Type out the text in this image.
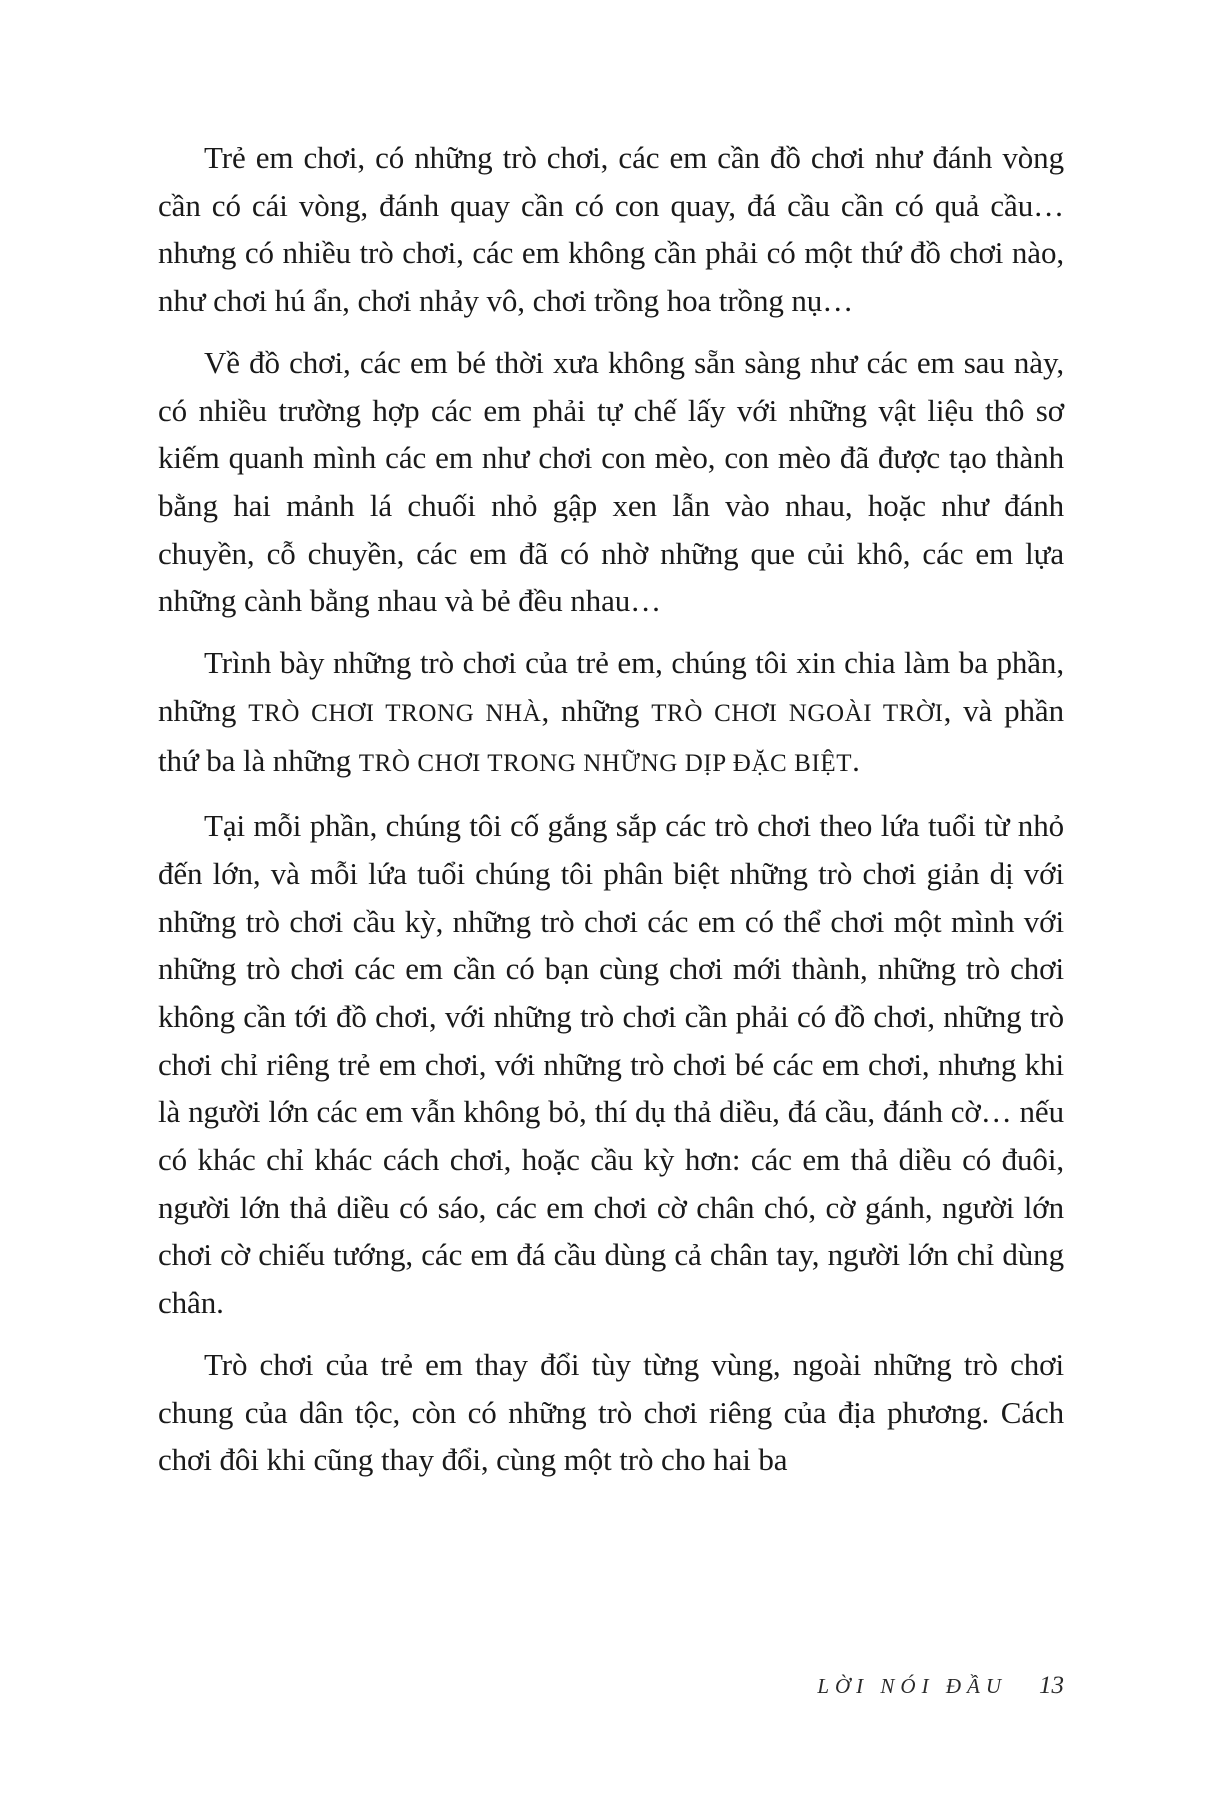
Trẻ em chơi, có những trò chơi, các em cần đồ chơi như đánh vòng cần có cái vòng, đánh quay cần có con quay, đá cầu cần có quả cầu… nhưng có nhiều trò chơi, các em không cần phải có một thứ đồ chơi nào, như chơi hú ẩn, chơi nhảy vô, chơi trồng hoa trồng nụ…

Về đồ chơi, các em bé thời xưa không sẵn sàng như các em sau này, có nhiều trường hợp các em phải tự chế lấy với những vật liệu thô sơ kiếm quanh mình các em như chơi con mèo, con mèo đã được tạo thành bằng hai mảnh lá chuối nhỏ gập xen lẫn vào nhau, hoặc như đánh chuyền, cỗ chuyền, các em đã có nhờ những que củi khô, các em lựa những cành bằng nhau và bẻ đều nhau…

Trình bày những trò chơi của trẻ em, chúng tôi xin chia làm ba phần, những TRÒ CHƠI TRONG NHÀ, những TRÒ CHƠI NGOÀI TRỜI, và phần thứ ba là những TRÒ CHƠI TRONG NHỮNG DỊP ĐẶC BIỆT.

Tại mỗi phần, chúng tôi cố gắng sắp các trò chơi theo lứa tuổi từ nhỏ đến lớn, và mỗi lứa tuổi chúng tôi phân biệt những trò chơi giản dị với những trò chơi cầu kỳ, những trò chơi các em có thể chơi một mình với những trò chơi các em cần có bạn cùng chơi mới thành, những trò chơi không cần tới đồ chơi, với những trò chơi cần phải có đồ chơi, những trò chơi chỉ riêng trẻ em chơi, với những trò chơi bé các em chơi, nhưng khi là người lớn các em vẫn không bỏ, thí dụ thả diều, đá cầu, đánh cờ… nếu có khác chỉ khác cách chơi, hoặc cầu kỳ hơn: các em thả diều có đuôi, người lớn thả diều có sáo, các em chơi cờ chân chó, cờ gánh, người lớn chơi cờ chiếu tướng, các em đá cầu dùng cả chân tay, người lớn chỉ dùng chân.

Trò chơi của trẻ em thay đổi tùy từng vùng, ngoài những trò chơi chung của dân tộc, còn có những trò chơi riêng của địa phương. Cách chơi đôi khi cũng thay đổi, cùng một trò cho hai ba

LỜI NÓI ĐẦU 13
